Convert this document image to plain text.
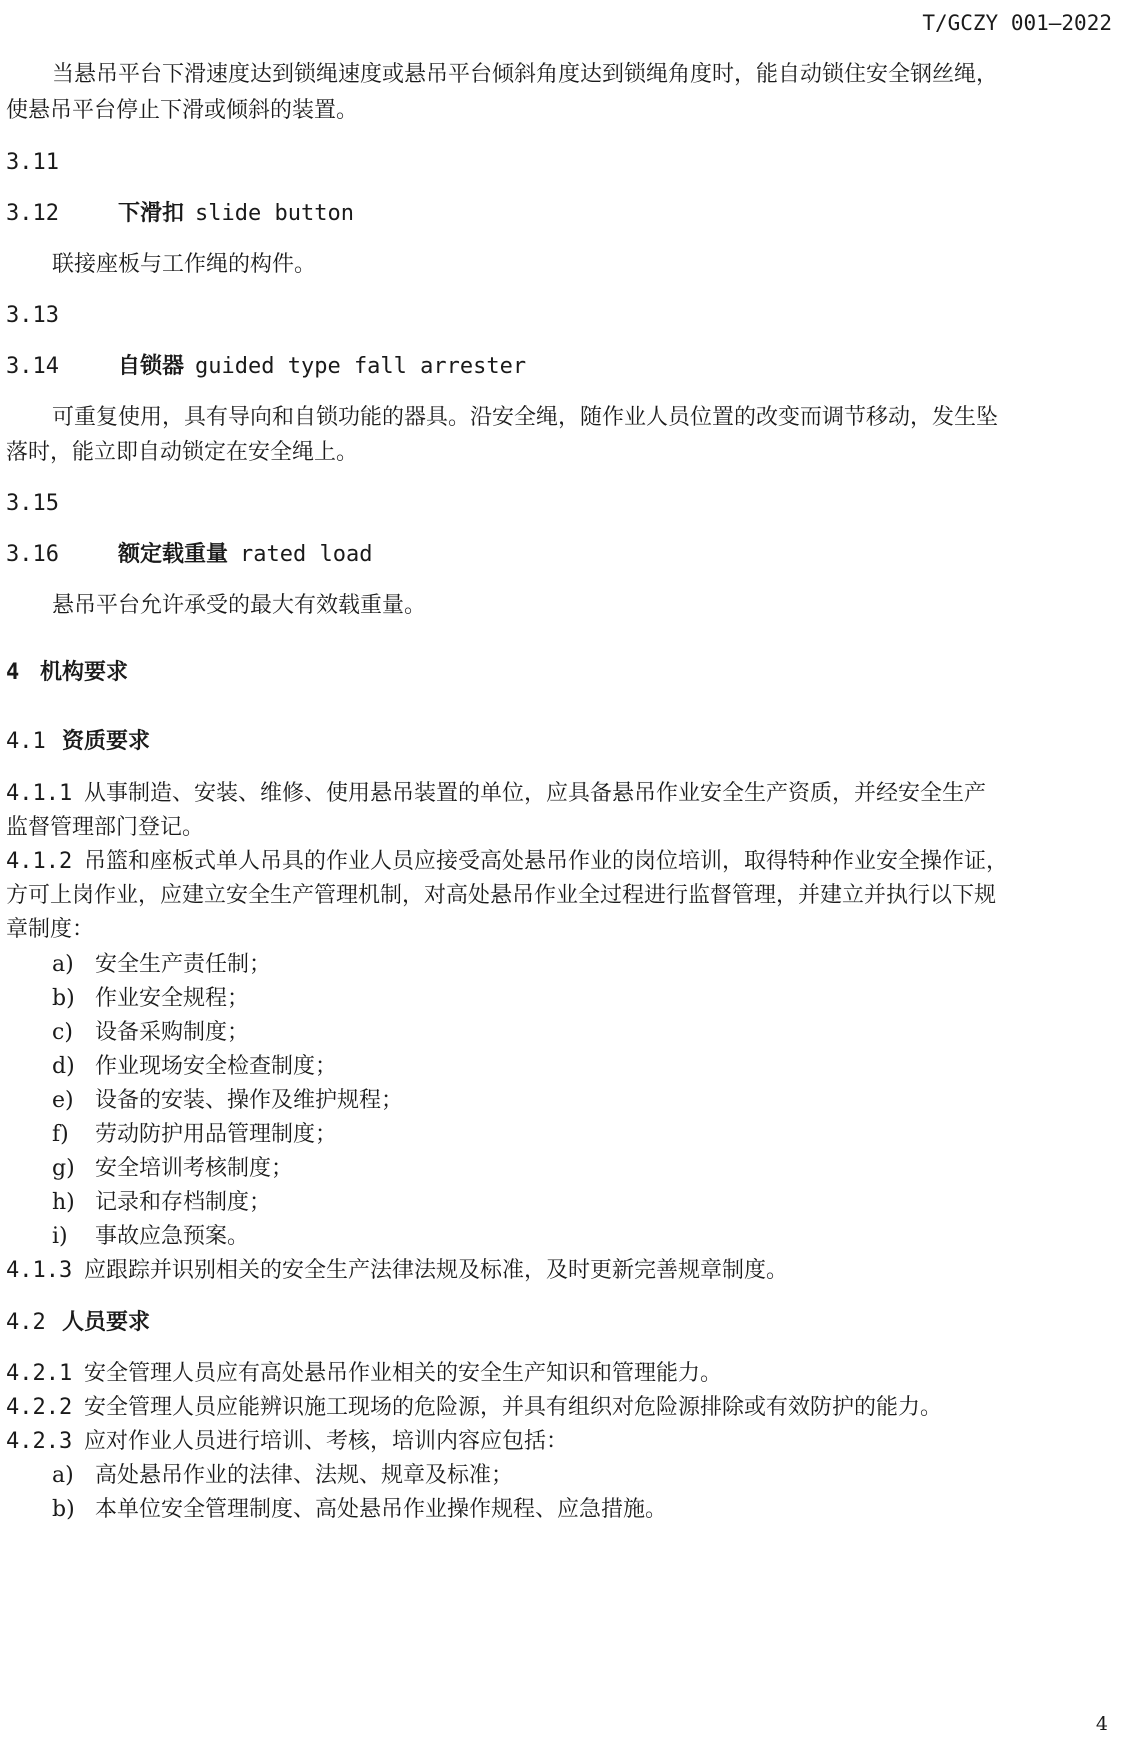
T/GCZY 001—2022
当悬吊平台下滑速度达到锁绳速度或悬吊平台倾斜角度达到锁绳角度时，能自动锁住安全钢丝绳，
使悬吊平台停止下滑或倾斜的装置。
3.11
3.12	下滑扣 slide button
联接座板与工作绳的构件。
3.13
3.14	自锁器 guided type fall arrester
可重复使用，具有导向和自锁功能的器具。沿安全绳，随作业人员位置的改变而调节移动，发生坠
落时，能立即自动锁定在安全绳上。
3.15
3.16	额定载重量 rated load
悬吊平台允许承受的最大有效载重量。
4 机构要求
4.1 资质要求
4.1.1 从事制造、安装、维修、使用悬吊装置的单位，应具备悬吊作业安全生产资质，并经安全生产
监督管理部门登记。
4.1.2 吊篮和座板式单人吊具的作业人员应接受高处悬吊作业的岗位培训，取得特种作业安全操作证，
方可上岗作业，应建立安全生产管理机制，对高处悬吊作业全过程进行监督管理，并建立并执行以下规
章制度：
a) 安全生产责任制；
b) 作业安全规程；
c) 设备采购制度；
d) 作业现场安全检查制度；
e) 设备的安装、操作及维护规程；
f) 劳动防护用品管理制度；
g) 安全培训考核制度；
h) 记录和存档制度；
i) 事故应急预案。
4.1.3 应跟踪并识别相关的安全生产法律法规及标准，及时更新完善规章制度。
4.2 人员要求
4.2.1 安全管理人员应有高处悬吊作业相关的安全生产知识和管理能力。
4.2.2 安全管理人员应能辨识施工现场的危险源，并具有组织对危险源排除或有效防护的能力。
4.2.3 应对作业人员进行培训、考核，培训内容应包括：
a) 高处悬吊作业的法律、法规、规章及标准；
b) 本单位安全管理制度、高处悬吊作业操作规程、应急措施。
4
